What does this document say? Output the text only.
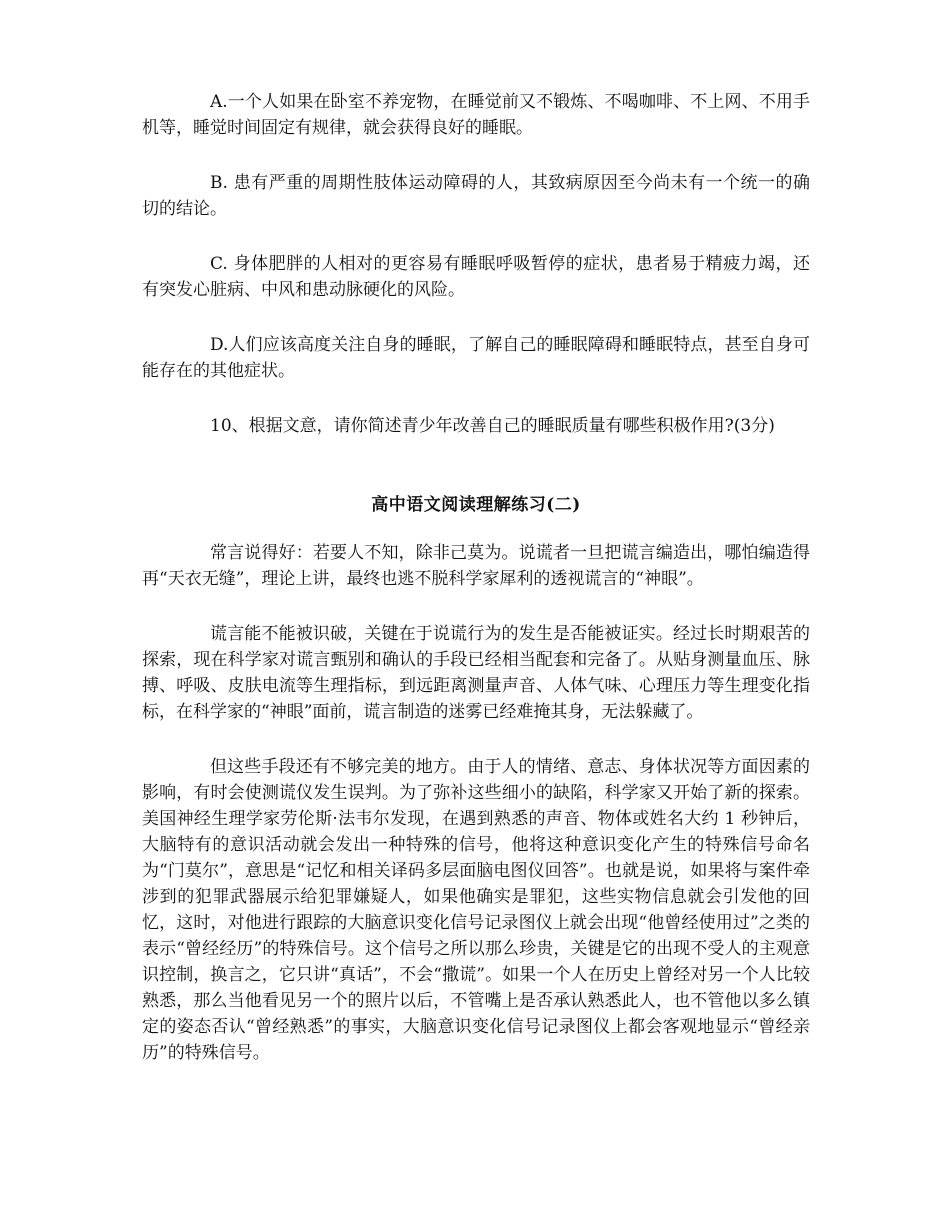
A.一个人如果在卧室不养宠物，在睡觉前又不锻炼、不喝咖啡、不上网、不用手机等，睡觉时间固定有规律，就会获得良好的睡眠。

B. 患有严重的周期性肢体运动障碍的人，其致病原因至今尚未有一个统一的确切的结论。

C. 身体肥胖的人相对的更容易有睡眠呼吸暂停的症状，患者易于精疲力竭，还有突发心脏病、中风和患动脉硬化的风险。

D.人们应该高度关注自身的睡眠，了解自己的睡眠障碍和睡眠特点，甚至自身可能存在的其他症状。

10、根据文意，请你简述青少年改善自己的睡眠质量有哪些积极作用?(3分)

高中语文阅读理解练习(二)

常言说得好：若要人不知，除非己莫为。说谎者一旦把谎言编造出，哪怕编造得再“天衣无缝”，理论上讲，最终也逃不脱科学家犀利的透视谎言的“神眼”。

谎言能不能被识破，关键在于说谎行为的发生是否能被证实。经过长时期艰苦的探索，现在科学家对谎言甄别和确认的手段已经相当配套和完备了。从贴身测量血压、脉搏、呼吸、皮肤电流等生理指标，到远距离测量声音、人体气味、心理压力等生理变化指标，在科学家的“神眼”面前，谎言制造的迷雾已经难掩其身，无法躲藏了。

但这些手段还有不够完美的地方。由于人的情绪、意志、身体状况等方面因素的影响，有时会使测谎仪发生误判。为了弥补这些细小的缺陷，科学家又开始了新的探索。美国神经生理学家劳伦斯·法韦尔发现，在遇到熟悉的声音、物体或姓名大约 1 秒钟后，大脑特有的意识活动就会发出一种特殊的信号，他将这种意识变化产生的特殊信号命名为“门莫尔”，意思是“记忆和相关译码多层面脑电图仪回答”。也就是说，如果将与案件牵涉到的犯罪武器展示给犯罪嫌疑人，如果他确实是罪犯，这些实物信息就会引发他的回忆，这时，对他进行跟踪的大脑意识变化信号记录图仪上就会出现“他曾经使用过”之类的表示“曾经经历”的特殊信号。这个信号之所以那么珍贵，关键是它的出现不受人的主观意识控制，换言之，它只讲“真话”，不会“撒谎”。如果一个人在历史上曾经对另一个人比较熟悉，那么当他看见另一个的照片以后，不管嘴上是否承认熟悉此人，也不管他以多么镇定的姿态否认“曾经熟悉”的事实，大脑意识变化信号记录图仪上都会客观地显示“曾经亲历”的特殊信号。
